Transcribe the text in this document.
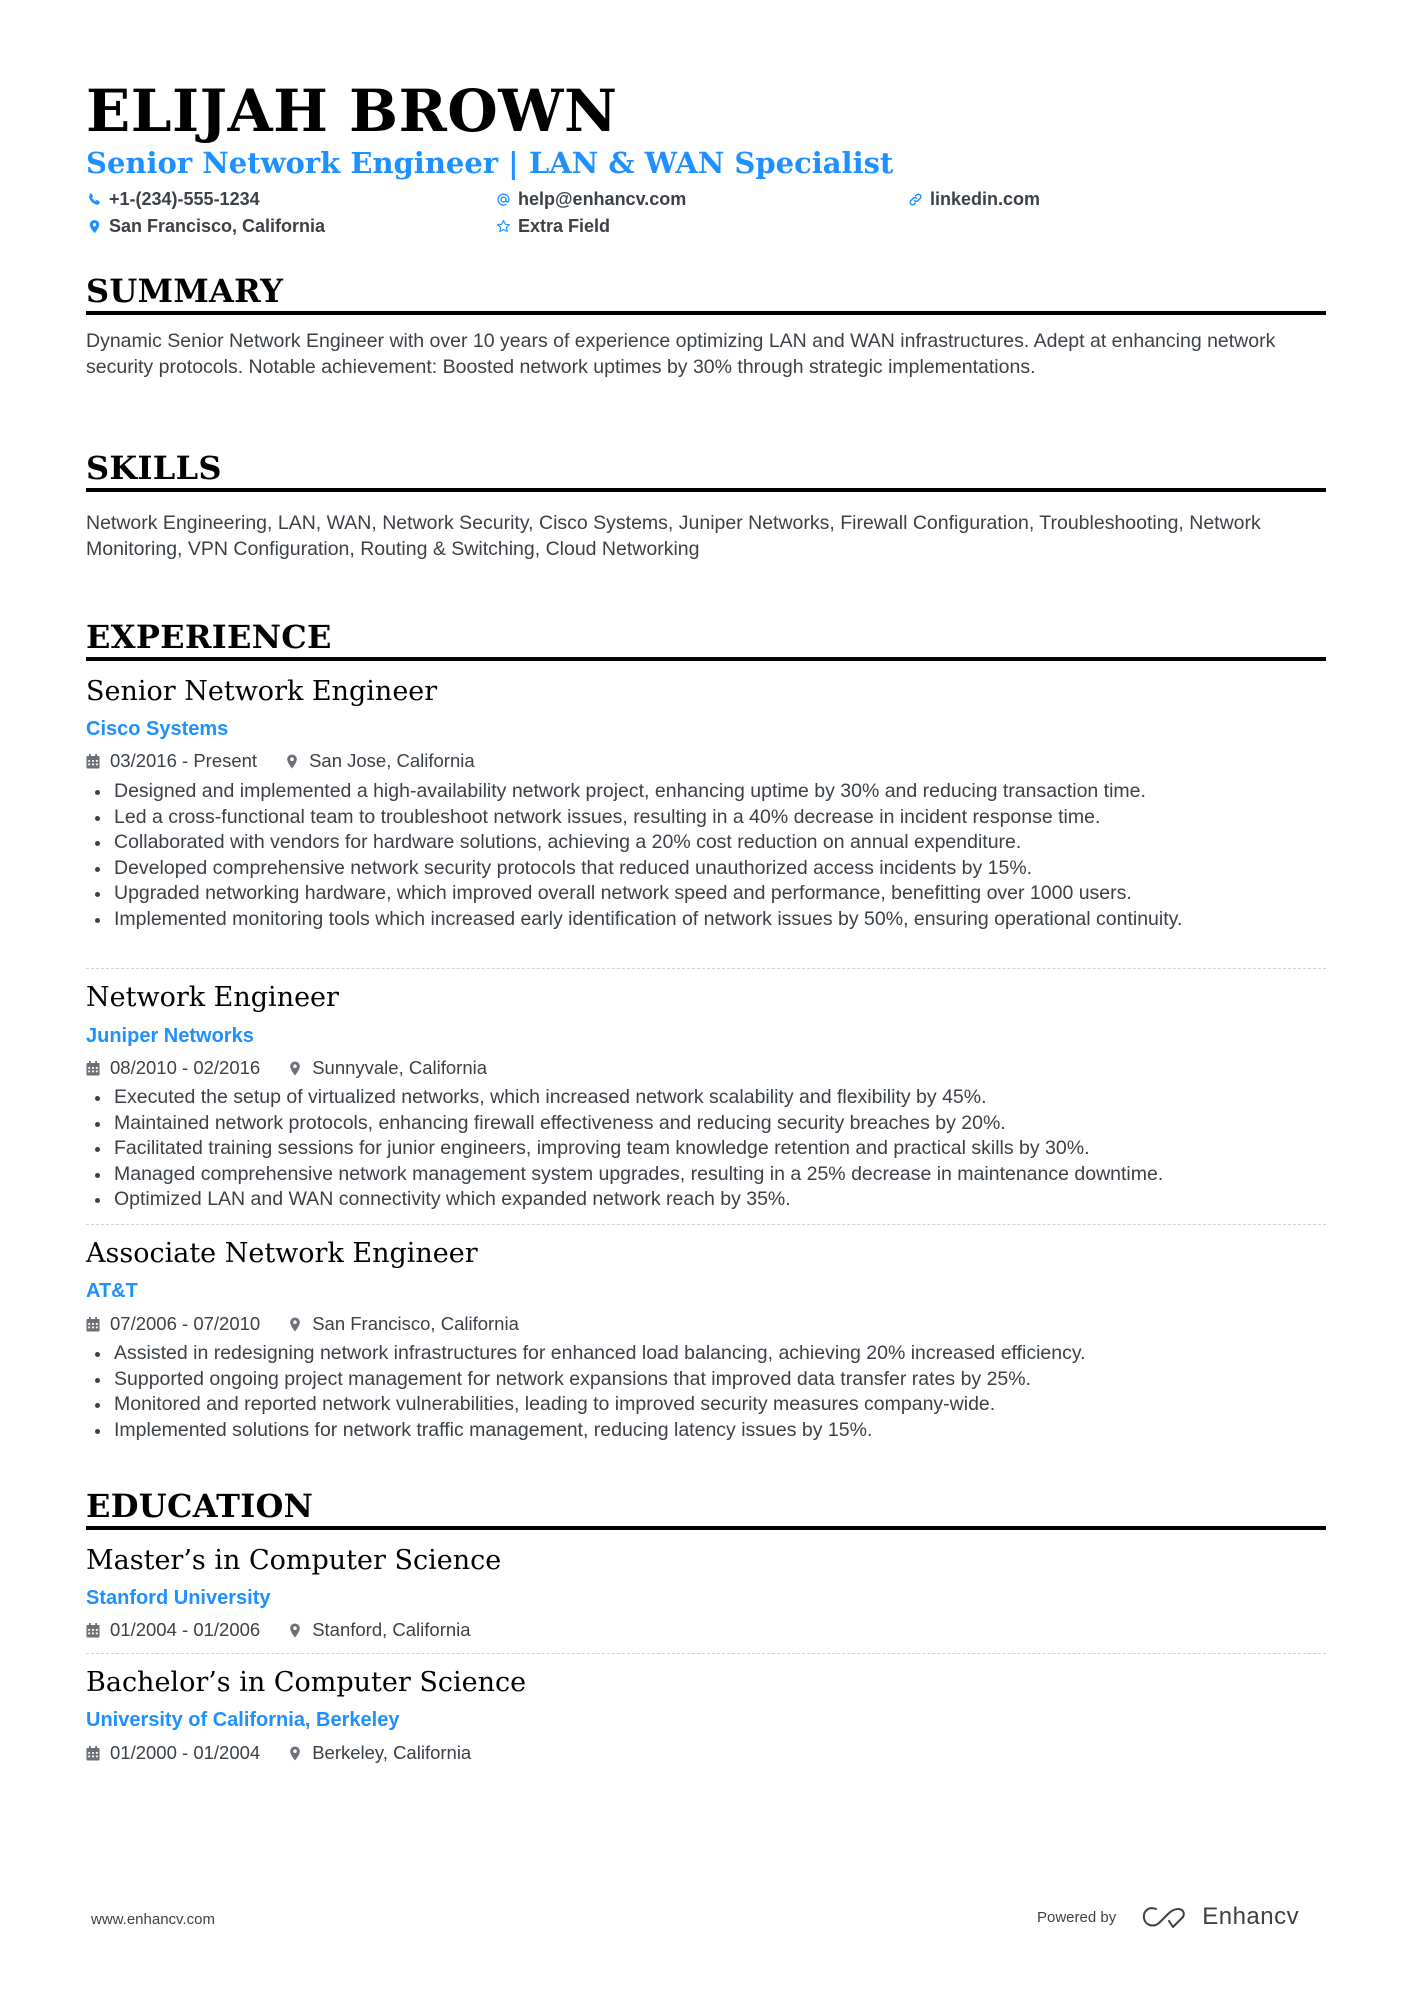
ELIJAH BROWN
Senior Network Engineer | LAN & WAN Specialist
+1-(234)-555-1234	help@enhancv.com	linkedin.com
San Francisco, California	Extra Field
SUMMARY
Dynamic Senior Network Engineer with over 10 years of experience optimizing LAN and WAN infrastructures. Adept at enhancing network security protocols. Notable achievement: Boosted network uptimes by 30% through strategic implementations.
SKILLS
Network Engineering, LAN, WAN, Network Security, Cisco Systems, Juniper Networks, Firewall Configuration, Troubleshooting, Network Monitoring, VPN Configuration, Routing & Switching, Cloud Networking
EXPERIENCE
Senior Network Engineer
Cisco Systems
03/2016 - Present	San Jose, California
Designed and implemented a high-availability network project, enhancing uptime by 30% and reducing transaction time.
Led a cross-functional team to troubleshoot network issues, resulting in a 40% decrease in incident response time.
Collaborated with vendors for hardware solutions, achieving a 20% cost reduction on annual expenditure.
Developed comprehensive network security protocols that reduced unauthorized access incidents by 15%.
Upgraded networking hardware, which improved overall network speed and performance, benefitting over 1000 users.
Implemented monitoring tools which increased early identification of network issues by 50%, ensuring operational continuity.
Network Engineer
Juniper Networks
08/2010 - 02/2016	Sunnyvale, California
Executed the setup of virtualized networks, which increased network scalability and flexibility by 45%.
Maintained network protocols, enhancing firewall effectiveness and reducing security breaches by 20%.
Facilitated training sessions for junior engineers, improving team knowledge retention and practical skills by 30%.
Managed comprehensive network management system upgrades, resulting in a 25% decrease in maintenance downtime.
Optimized LAN and WAN connectivity which expanded network reach by 35%.
Associate Network Engineer
AT&T
07/2006 - 07/2010	San Francisco, California
Assisted in redesigning network infrastructures for enhanced load balancing, achieving 20% increased efficiency.
Supported ongoing project management for network expansions that improved data transfer rates by 25%.
Monitored and reported network vulnerabilities, leading to improved security measures company-wide.
Implemented solutions for network traffic management, reducing latency issues by 15%.
EDUCATION
Master’s in Computer Science
Stanford University
01/2004 - 01/2006	Stanford, California
Bachelor’s in Computer Science
University of California, Berkeley
01/2000 - 01/2004	Berkeley, California
www.enhancv.com	Powered by	Enhancv
